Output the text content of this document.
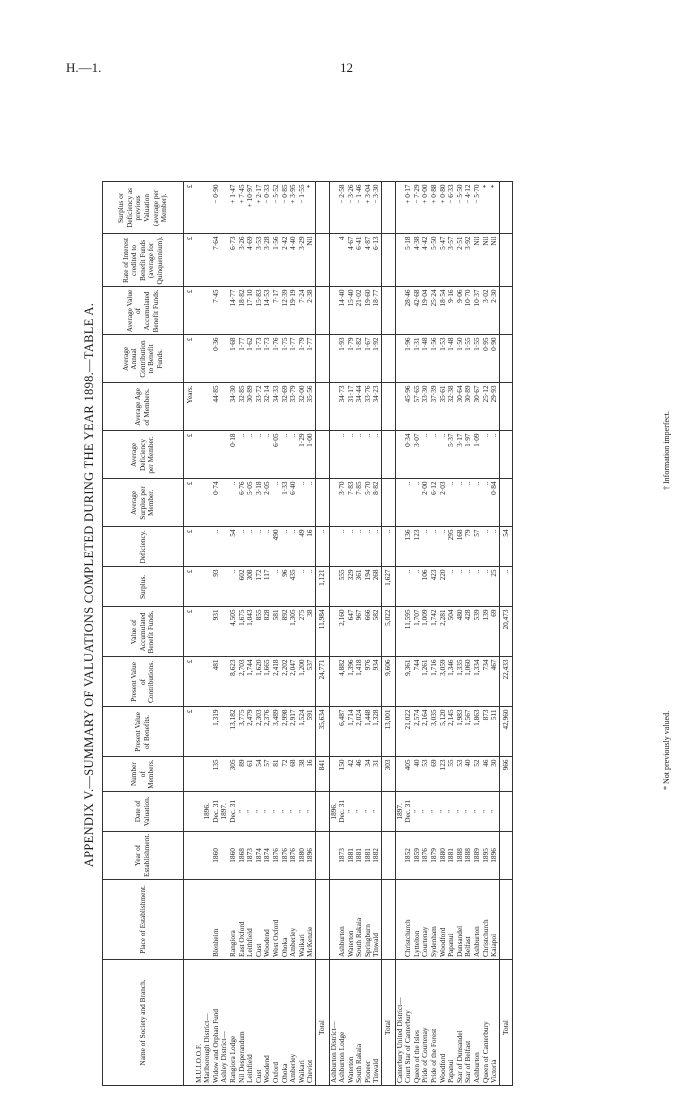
H.—1.	12
APPENDIX V.—SUMMARY OF VALUATIONS COMPLETED DURING THE YEAR 1898.—TABLE A.
Name of Society and Branch.	Place of Establishment.	Year of Establishment.	Date of Valuation.	Number of Members.	Present Value of Benefits.	Present Value of Contributions.	Value of Accumulated Benefit Funds.	Surplus.	Deficiency.	Average Surplus per Member.	Average Deficiency per Member.	Average Age of Members.	Average Annual Contribution to Benefit Funds.	Average Value of Accumulated Benefit Funds.	Rate of Interest credited to Benefit Funds (average for Quinquennium).	Surplus or Deficiency as previous Valuation (average per Member).
					£	£	£	£	£	£	£	Years.	£	£	£	£
M.U.I.O.O.F.																
Marlborough District—			1896.													
Widow and Orphan Fund	Blenheim	1860	Dec. 31	135	1,319	481	931	93	..	0·74		44·85	0·36	7·45	7·64	− 0·90
Ashley District—			1897.													
Rangiora Lodge	Rangiora	1860	Dec. 31	305	13,182	8,623	4,505	..	54	..	0·18	34·30	1·68	14·77	6·73	+ 1·47
Nil Desperandum	East Oxford	1868	"	89	3,775	2,703	1,675	602	..	6·76	..	32·85	1·77	18·82	3·26	+ 7·45
Leithfield	Leithfield	1873	"	61	2,479	1,744	1,043	308	..	5·05	..	30·89	1·62	17·10	4·69	+ 10·97
Cust	Cust	1874	"	54	2,303	1,620	855	172	..	3·18	..	33·72	1·73	15·83	3·53	+ 2·17
Woodend	Woodend	1874	"	57	2,376	1,665	828	117	..	2·05	..	32·14	1·73	14·53	3·28	− 0·33
Oxford	West Oxford	1876	"	81	3,489	2,418	581	..	490	..	6·05	34·33	1·76	7·17	1·56	− 5·52
Ohoka	Ohoka	1876	"	72	2,998	2,202	892	96	..	1·33	..	32·69	1·75	12·39	2·42	− 0·85
Amberley	Amberley	1876	"	68	2,917	2,047	1,305	435	..	6·40	..	33·79	1·77	19·19	4·40	+ 3·95
Waikari	Waikari	1880	"	38	1,524	1,200	275	..	49	..	1·29	32·00	1·79	7·24	3·29	− 1·55
Cheviot	McKenzie	1896	"	16	591	537	38	..	16	..	1·00	35·56	1·77	2·38	Nil	*
Total				841	35,634	24,771	11,984	1,121	..							
Ashburton District—			1896.													
Ashburton Lodge	Ashburton	1873	Dec. 31	150	6,487	4,882	2,160	555	..	3·70	..	34·73	1·93	14·40	4	− 2·58
Waterton	Waterton	1881	"	42	1,714	1,396	647	329	..	7·83	..	31·17	1·79	15·40	4·67	− 3·26
South Rakaia	South Rakaia	1881	"	46	2,024	1,418	967	361	..	7·85	..	34·44	1·82	21·02	6·41	− 1·46
Pioneer	Springburn	1881	"	34	1,448	976	666	194	..	5·70	..	33·76	1·67	19·60	4·87	+ 3·04
Tinwald	Tinwald	1882	"	31	1,328	934	582	268	..	8·82	..	34·23	1·92	18·77	6·13	− 3·30
Total				303	13,001	9,606	5,022	1,627	..							
Canterbury United District—			1897.													
Court Star of Canterbury	Christchurch	1852	Dec. 31	405	21,022	9,361	11,595	..	136	..	0·34	45·96	1·96	28·46	5·18	+ 0·17
Queen of the Isles	Lyttelton	1859	"	40	2,574	744	1,707	..	123	..	3·07	57·65	1·31	42·68	4·38	− 7·29
Pride of Courtenay	Courtenay	1876	"	53	2,164	1,261	1,009	106	..	2·00	..	33·30	1·48	19·04	4·42	+ 0·00
Pride of the Forest	Sydenham	1879	"	69	3,035	1,716	1,742	423	..	6·12	..	37·39	1·56	25·24	5·50	+ 0·88
Woodford	Woodford	1880	"	123	5,120	3,059	2,281	220	..	2·03	..	35·61	1·53	18·54	5·47	+ 0·80
Papanui	Papanui	1881	"	55	2,145	1,346	504	..	295	..	5·37	32·38	1·48	9·16	3·57	− 6·33
Star of Dunsandel	Dunsandel	1888	"	53	1,983	1,335	480	..	168	..	3·17	30·64	1·50	9·06	2·51	− 5·50
Star of Belfast	Belfast	1888	"	40	1,567	1,060	428	..	79	..	1·97	30·89	1·55	10·70	3·92	− 4·12
Ashburton	Ashburton	1889	"	52	1,863	1,334	539	..	57	..	1·09	30·67	1·55	10·37	Nil	− 5·70
Queen of Canterbury	Christchurch	1895	"	46	873	734	139	..	..	..	..	25·12	0·95	3·02	Nil	*
Victoria	Kaiapoi	1896	"	30	511	467	69	25	..	0·84	..	29·93	0·90	2·30	Nil	*
Total				966	42,960	22,433	20,473	..	54							
* Not previously valued.
† Information imperfect.
